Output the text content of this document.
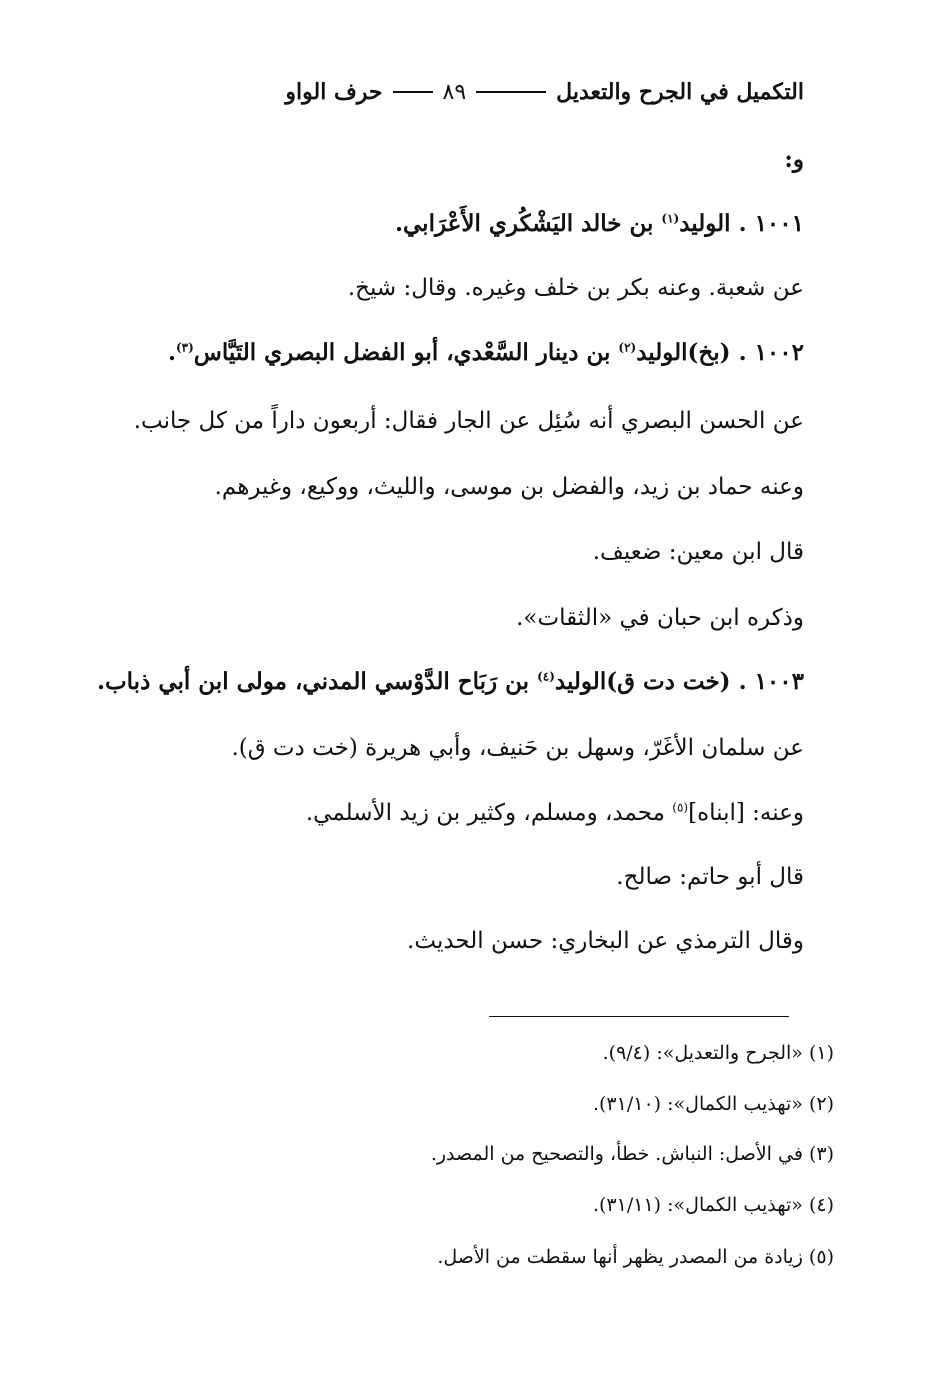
التكميل في الجرح والتعديل
٨٩
حرف الواو
و:
١٠٠١ . الوليد$^{(١)}$ بن خالد اليَشْكُري الأَعْرَابي.
عن شعبة. وعنه بكر بن خلف وغيره. وقال: شيخ.
١٠٠٢ . (بخ)الوليد$^{(٢)}$ بن دينار السَّعْدي، أبو الفضل البصري التَيَّاس$^{(٣)}$.
عن الحسن البصري أنه سُئِل عن الجار فقال: أربعون داراً من كل جانب.
وعنه حماد بن زيد، والفضل بن موسى، والليث، ووكيع، وغيرهم.
قال ابن معين: ضعيف.
وذكره ابن حبان في «الثقات».
١٠٠٣ . (خت دت ق)الوليد$^{(٤)}$ بن رَبَاح الدَّوْسي المدني، مولى ابن أبي ذباب.
عن سلمان الأغَرّ، وسهل بن حَنيف، وأبي هريرة (خت دت ق).
وعنه: [ابناه]$^{(٥)}$ محمد، ومسلم، وكثير بن زيد الأسلمي.
قال أبو حاتم: صالح.
وقال الترمذي عن البخاري: حسن الحديث.
(١) «الجرح والتعديل»: (٩/٤).
(٢) «تهذيب الكمال»: (٣١/١٠).
(٣) في الأصل: النباش. خطأ، والتصحيح من المصدر.
(٤) «تهذيب الكمال»: (٣١/١١).
(٥) زيادة من المصدر يظهر أنها سقطت من الأصل.
